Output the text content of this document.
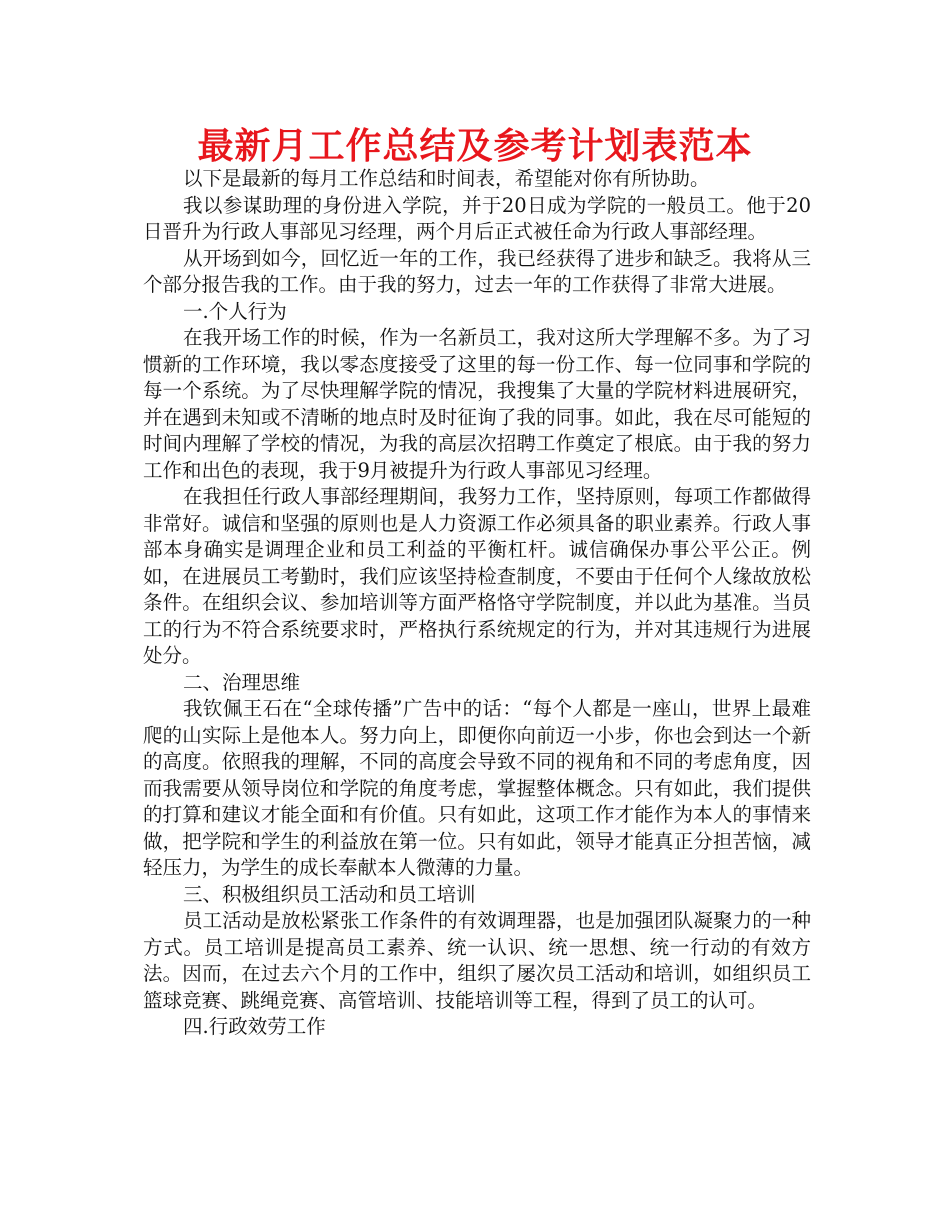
最新月工作总结及参考计划表范本

以下是最新的每月工作总结和时间表，希望能对你有所协助。

我以参谋助理的身份进入学院，并于20日成为学院的一般员工。他于20日晋升为行政人事部见习经理，两个月后正式被任命为行政人事部经理。

从开场到如今，回忆近一年的工作，我已经获得了进步和缺乏。我将从三个部分报告我的工作。由于我的努力，过去一年的工作获得了非常大进展。

一.个人行为

在我开场工作的时候，作为一名新员工，我对这所大学理解不多。为了习惯新的工作环境，我以零态度接受了这里的每一份工作、每一位同事和学院的每一个系统。为了尽快理解学院的情况，我搜集了大量的学院材料进展研究，并在遇到未知或不清晰的地点时及时征询了我的同事。如此，我在尽可能短的时间内理解了学校的情况，为我的高层次招聘工作奠定了根底。由于我的努力工作和出色的表现，我于9月被提升为行政人事部见习经理。

在我担任行政人事部经理期间，我努力工作，坚持原则，每项工作都做得非常好。诚信和坚强的原则也是人力资源工作必须具备的职业素养。行政人事部本身确实是调理企业和员工利益的平衡杠杆。诚信确保办事公平公正。例如，在进展员工考勤时，我们应该坚持检查制度，不要由于任何个人缘故放松条件。在组织会议、参加培训等方面严格恪守学院制度，并以此为基准。当员工的行为不符合系统要求时，严格执行系统规定的行为，并对其违规行为进展处分。

二、治理思维

我钦佩王石在“全球传播”广告中的话：“每个人都是一座山，世界上最难爬的山实际上是他本人。努力向上，即便你向前迈一小步，你也会到达一个新的高度。依照我的理解，不同的高度会导致不同的视角和不同的考虑角度，因而我需要从领导岗位和学院的角度考虑，掌握整体概念。只有如此，我们提供的打算和建议才能全面和有价值。只有如此，这项工作才能作为本人的事情来做，把学院和学生的利益放在第一位。只有如此，领导才能真正分担苦恼，减轻压力，为学生的成长奉献本人微薄的力量。

三、积极组织员工活动和员工培训

员工活动是放松紧张工作条件的有效调理器，也是加强团队凝聚力的一种方式。员工培训是提高员工素养、统一认识、统一思想、统一行动的有效方法。因而，在过去六个月的工作中，组织了屡次员工活动和培训，如组织员工篮球竞赛、跳绳竞赛、高管培训、技能培训等工程，得到了员工的认可。

四.行政效劳工作
